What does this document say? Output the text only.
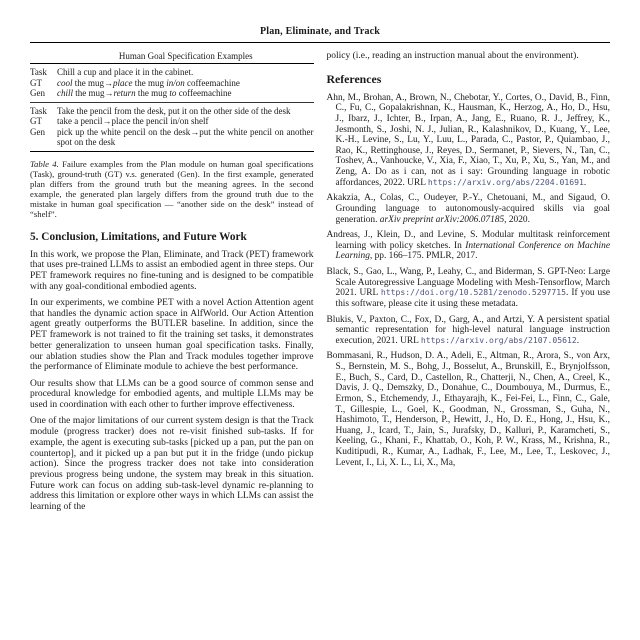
Plan, Eliminate, and Track
Human Goal Specification Examples
Task	Chill a cup and place it in the cabinet.
GT	cool the mug→place the mug in/on coffeemachine
Gen	chill the mug→return the mug to coffeemachine
Task	Take the pencil from the desk, put it on the other side of the desk
GT	take a pencil→place the pencil in/on shelf
Gen	pick up the white pencil on the desk→put the white pencil on another spot on the desk
Table 4. Failure examples from the Plan module on human goal specifications (Task), ground-truth (GT) v.s. generated (Gen). In the first example, generated plan differs from the ground truth but the meaning agrees. In the second example, the generated plan largely differs from the ground truth due to the mistake in human goal specification — “another side on the desk” instead of “shelf”.
5. Conclusion, Limitations, and Future Work

In this work, we propose the Plan, Eliminate, and Track (PET) framework that uses pre-trained LLMs to assist an embodied agent in three steps. Our PET framework requires no fine-tuning and is designed to be compatible with any goal-conditional embodied agents.

In our experiments, we combine PET with a novel Action Attention agent that handles the dynamic action space in AlfWorld. Our Action Attention agent greatly outperforms the BUTLER baseline. In addition, since the PET framework is not trained to fit the training set tasks, it demonstrates better generalization to unseen human goal specification tasks. Finally, our ablation studies show the Plan and Track modules together improve the performance of Eliminate module to achieve the best performance.

Our results show that LLMs can be a good source of common sense and procedural knowledge for embodied agents, and multiple LLMs may be used in coordination with each other to further improve effectiveness.

One of the major limitations of our current system design is that the Track module (progress tracker) does not re-visit finished sub-tasks. If for example, the agent is executing sub-tasks [picked up a pan, put the pan on countertop], and it picked up a pan but put it in the fridge (undo pickup action). Since the progress tracker does not take into consideration previous progress being undone, the system may break in this situation. Future work can focus on adding sub-task-level dynamic re-planning to address this limitation or explore other ways in which LLMs can assist the learning of the

policy (i.e., reading an instruction manual about the environment).

References
Ahn, M., Brohan, A., Brown, N., Chebotar, Y., Cortes, O., David, B., Finn, C., Fu, C., Gopalakrishnan, K., Hausman, K., Herzog, A., Ho, D., Hsu, J., Ibarz, J., Ichter, B., Irpan, A., Jang, E., Ruano, R. J., Jeffrey, K., Jesmonth, S., Joshi, N. J., Julian, R., Kalashnikov, D., Kuang, Y., Lee, K.-H., Levine, S., Lu, Y., Luu, L., Parada, C., Pastor, P., Quiambao, J., Rao, K., Rettinghouse, J., Reyes, D., Sermanet, P., Sievers, N., Tan, C., Toshev, A., Vanhoucke, V., Xia, F., Xiao, T., Xu, P., Xu, S., Yan, M., and Zeng, A. Do as i can, not as i say: Grounding language in robotic affordances, 2022. URL https://arxiv.org/abs/2204.01691.
Akakzia, A., Colas, C., Oudeyer, P.-Y., Chetouani, M., and Sigaud, O. Grounding language to autonomously-acquired skills via goal generation. arXiv preprint arXiv:2006.07185, 2020.
Andreas, J., Klein, D., and Levine, S. Modular multitask reinforcement learning with policy sketches. In International Conference on Machine Learning, pp. 166–175. PMLR, 2017.
Black, S., Gao, L., Wang, P., Leahy, C., and Biderman, S. GPT-Neo: Large Scale Autoregressive Language Modeling with Mesh-Tensorflow, March 2021. URL https://doi.org/10.5281/zenodo.5297715. If you use this software, please cite it using these metadata.
Blukis, V., Paxton, C., Fox, D., Garg, A., and Artzi, Y. A persistent spatial semantic representation for high-level natural language instruction execution, 2021. URL https://arxiv.org/abs/2107.05612.
Bommasani, R., Hudson, D. A., Adeli, E., Altman, R., Arora, S., von Arx, S., Bernstein, M. S., Bohg, J., Bosselut, A., Brunskill, E., Brynjolfsson, E., Buch, S., Card, D., Castellon, R., Chatterji, N., Chen, A., Creel, K., Davis, J. Q., Demszky, D., Donahue, C., Doumbouya, M., Durmus, E., Ermon, S., Etchemendy, J., Ethayarajh, K., Fei-Fei, L., Finn, C., Gale, T., Gillespie, L., Goel, K., Goodman, N., Grossman, S., Guha, N., Hashimoto, T., Henderson, P., Hewitt, J., Ho, D. E., Hong, J., Hsu, K., Huang, J., Icard, T., Jain, S., Jurafsky, D., Kalluri, P., Karamcheti, S., Keeling, G., Khani, F., Khattab, O., Koh, P. W., Krass, M., Krishna, R., Kuditipudi, R., Kumar, A., Ladhak, F., Lee, M., Lee, T., Leskovec, J., Levent, I., Li, X. L., Li, X., Ma,
